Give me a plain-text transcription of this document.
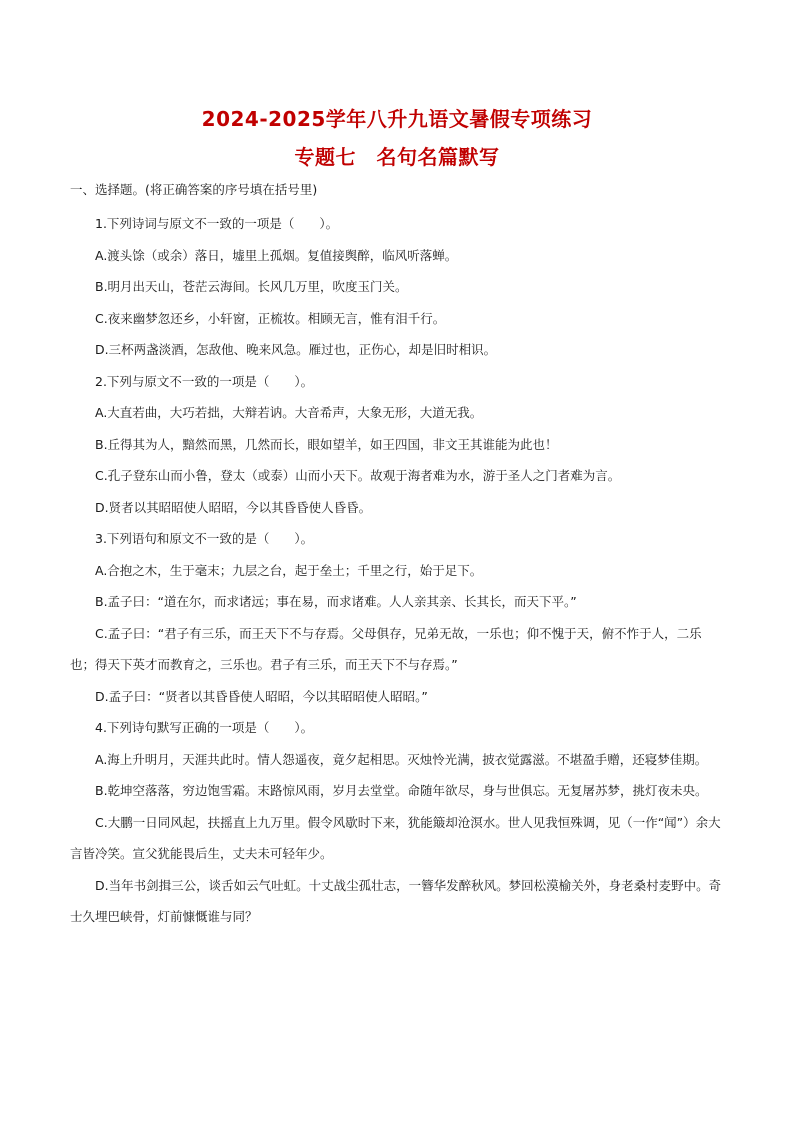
2024-2025学年八升九语文暑假专项练习
专题七　名句名篇默写

一、选择题。(将正确答案的序号填在括号里)

1.下列诗词与原文不一致的一项是（　　）。

A.渡头馀（或余）落日，墟里上孤烟。复值接舆醉，临风听落蝉。

B.明月出天山，苍茫云海间。长风几万里，吹度玉门关。

C.夜来幽梦忽还乡，小轩窗，正梳妆。相顾无言，惟有泪千行。

D.三杯两盏淡酒，怎敌他、晚来风急。雁过也，正伤心，却是旧时相识。

2.下列与原文不一致的一项是（　　）。

A.大直若曲，大巧若拙，大辩若讷。大音希声，大象无形，大道无我。

B.丘得其为人，黯然而黑，几然而长，眼如望羊，如王四国，非文王其谁能为此也！

C.孔子登东山而小鲁，登太（或泰）山而小天下。故观于海者难为水，游于圣人之门者难为言。

D.贤者以其昭昭使人昭昭，今以其昏昏使人昏昏。

3.下列语句和原文不一致的是（　　）。

A.合抱之木，生于毫末；九层之台，起于垒土；千里之行，始于足下。

B.孟子曰：“道在尔，而求诸远；事在易，而求诸难。人人亲其亲、长其长，而天下平。”

C.孟子曰：“君子有三乐，而王天下不与存焉。父母俱存，兄弟无故，一乐也；仰不愧于天，俯不怍于人，二乐也；得天下英才而教育之，三乐也。君子有三乐，而王天下不与存焉。”

D.孟子曰：“贤者以其昏昏使人昭昭，今以其昭昭使人昭昭。”

4.下列诗句默写正确的一项是（　　）。

A.海上升明月，天涯共此时。情人怨遥夜，竟夕起相思。灭烛怜光满，披衣觉露滋。不堪盈手赠，还寝梦佳期。

B.乾坤空落落，穷边饱雪霜。末路惊风雨，岁月去堂堂。命随年欲尽，身与世俱忘。无复屠苏梦，挑灯夜未央。

C.大鹏一日同风起，扶摇直上九万里。假令风歇时下来，犹能簸却沧溟水。世人见我恒殊调，见（一作“闻”）余大言皆冷笑。宣父犹能畏后生，丈夫未可轻年少。

D.当年书剑揖三公，谈舌如云气吐虹。十丈战尘孤壮志，一簪华发醉秋风。梦回松漠榆关外，身老桑村麦野中。奇士久埋巴峡骨，灯前慷慨谁与同？
